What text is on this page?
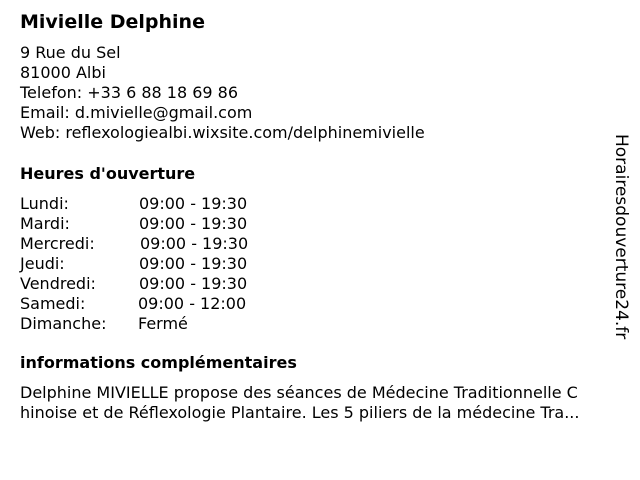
Mivielle Delphine
9 Rue du Sel
81000 Albi
Telefon: +33 6 88 18 69 86
Email: d.mivielle@gmail.com
Web: reflexologiealbi.wixsite.com/delphinemivielle
Heures d'ouverture
Lundi:	09:00 - 19:30
Mardi:	09:00 - 19:30
Mercredi:	09:00 - 19:30
Jeudi:	09:00 - 19:30
Vendredi:	09:00 - 19:30
Samedi:	09:00 - 12:00
Dimanche: Fermé
informations complémentaires
Delphine MIVIELLE propose des séances de Médecine Traditionnelle C
hinoise et de Réflexologie Plantaire. Les 5 piliers de la médecine Tra...
Horairesdouverture24.fr
